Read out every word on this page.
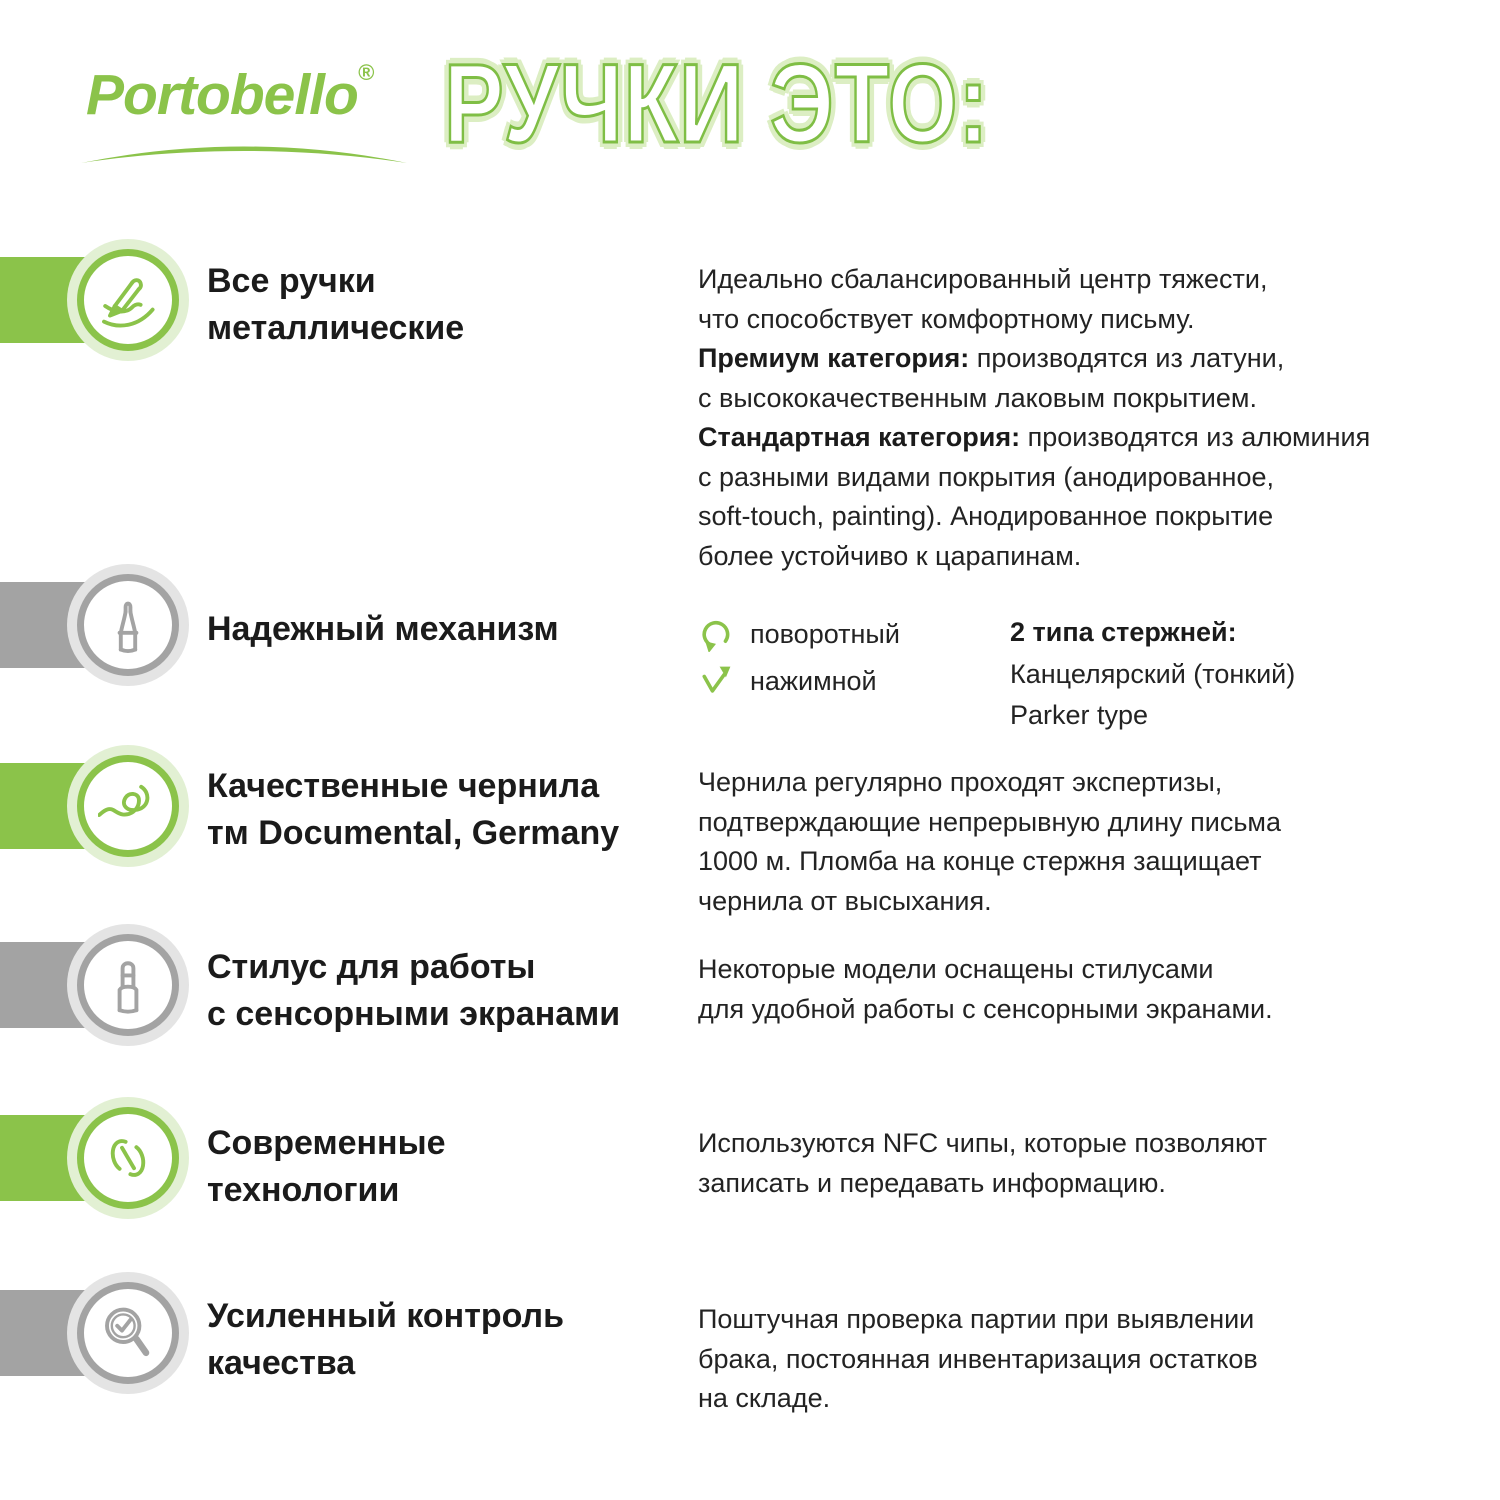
Portobello® РУЧКИ ЭТО:
Все ручки
металлические
Идеально сбалансированный центр тяжести,
что способствует комфортному письму.
Премиум категория: производятся из латуни,
с высококачественным лаковым покрытием.
Стандартная категория: производятся из алюминия
с разными видами покрытия (анодированное,
soft-touch, painting). Анодированное покрытие
более устойчиво к царапинам.
Надежный механизм	поворотный
нажимной
2 типа стержней:
Канцелярский (тонкий)
Parker type
Качественные чернила
тм Documental, Germany
Чернила регулярно проходят экспертизы,
подтверждающие непрерывную длину письма
1000 м. Пломба на конце стержня защищает
чернила от высыхания.
Стилус для работы
с сенсорными экранами
Некоторые модели оснащены стилусами
для удобной работы с сенсорными экранами.
Современные
технологии
Используются NFC чипы, которые позволяют
записать и передавать информацию.
Усиленный контроль
качества
Поштучная проверка партии при выявлении
брака, постоянная инвентаризация остатков
на складе.
